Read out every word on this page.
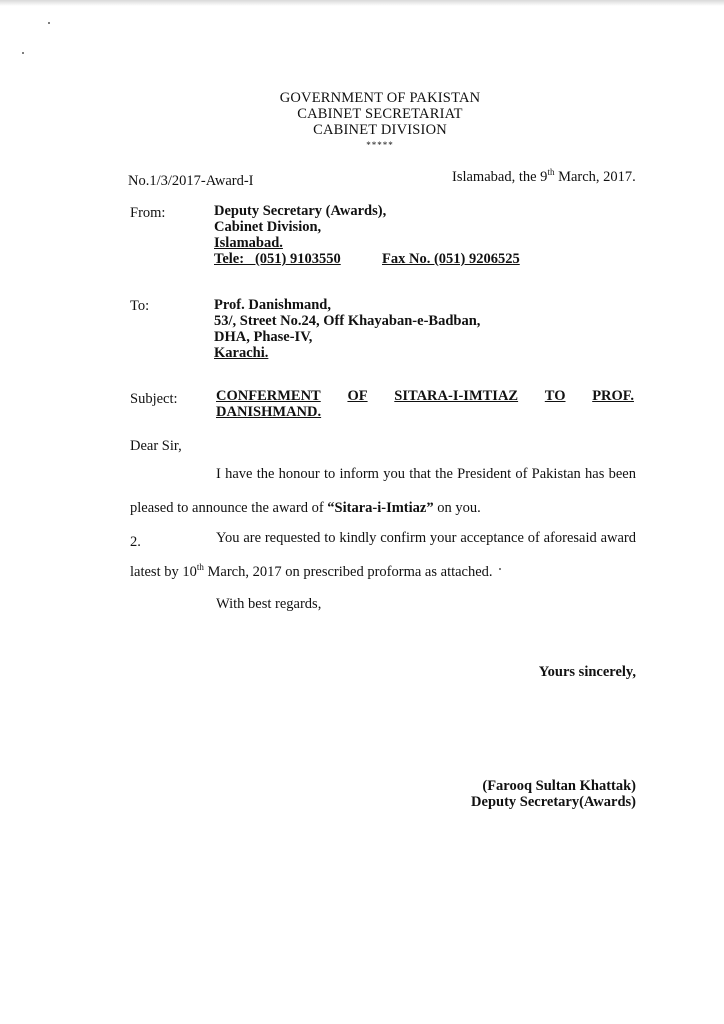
GOVERNMENT OF PAKISTAN
CABINET SECRETARIAT
CABINET DIVISION
*****
No.1/3/2017-Award-I	Islamabad, the 9th March, 2017.
From:	Deputy Secretary (Awards),
Cabinet Division,
Islamabad.
Tele:   (051) 9103550	Fax No. (051) 9206525
To:	Prof. Danishmand,
53/, Street No.24, Off Khayaban-e-Badban,
DHA, Phase-IV,
Karachi.
Subject:	CONFERMENT OF SITARA-I-IMTIAZ TO PROF.
DANISHMAND.
Dear Sir,
I have the honour to inform you that the President of Pakistan has been
pleased to announce the award of “Sitara-i-Imtiaz” on you.
2.	You are requested to kindly confirm your acceptance of aforesaid award
latest by 10th March, 2017 on prescribed proforma as attached.
With best regards,
Yours sincerely,
(Farooq Sultan Khattak)
Deputy Secretary(Awards)
